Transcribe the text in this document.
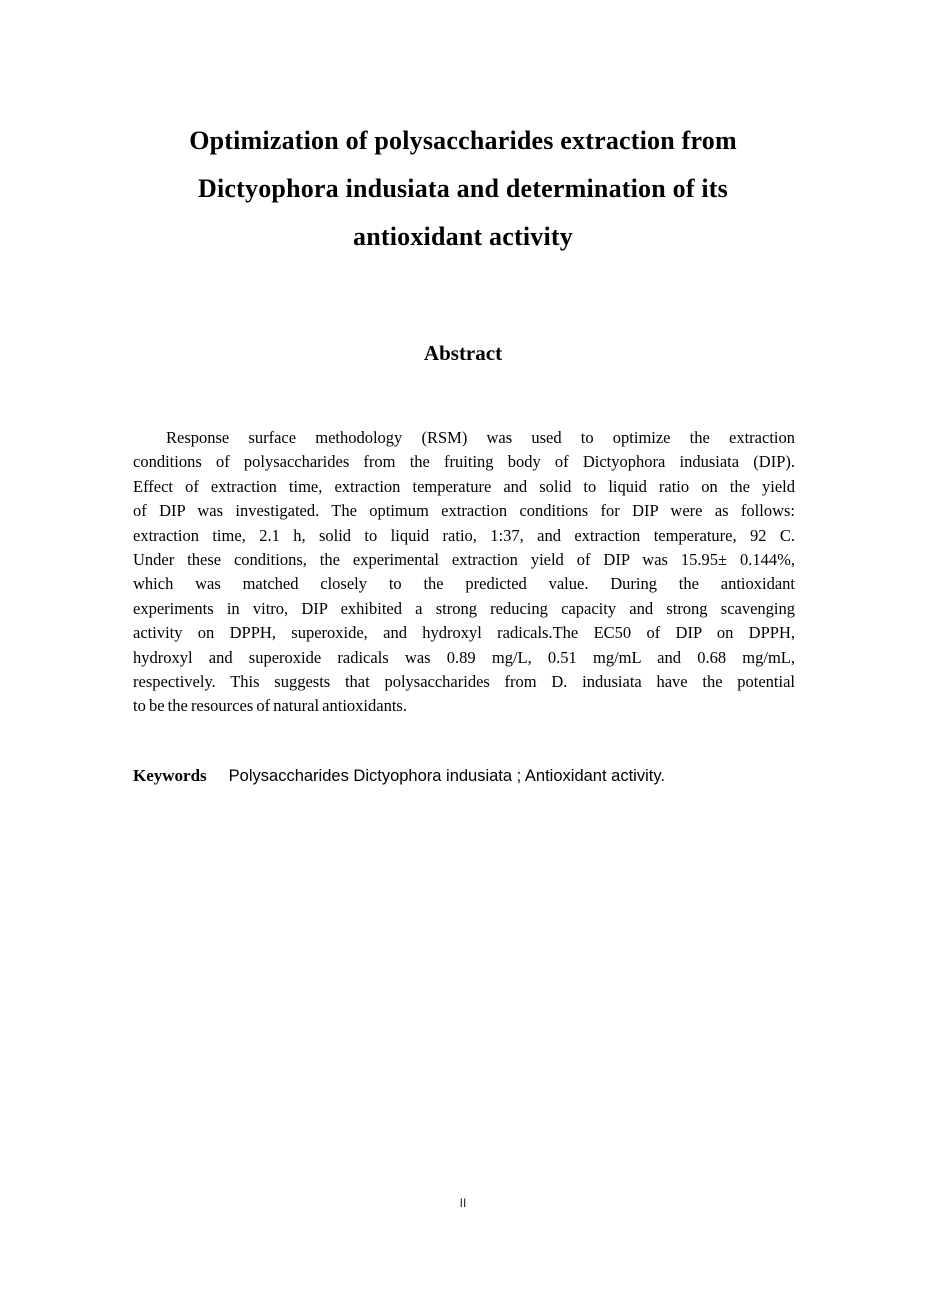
Optimization of polysaccharides extraction from
Dictyophora indusiata and determination of its
antioxidant activity
Abstract
Response surface methodology (RSM) was used to optimize the extraction
conditions of polysaccharides from the fruiting body of Dictyophora indusiata (DIP).
Effect of extraction time, extraction temperature and solid to liquid ratio on the yield
of DIP was investigated. The optimum extraction conditions for DIP were as follows:
extraction time, 2.1 h, solid to liquid ratio, 1:37, and extraction temperature, 92 C.
Under these conditions, the experimental extraction yield of DIP was 15.95± 0.144%,
which was matched closely to the predicted value. During the antioxidant
experiments in vitro, DIP exhibited a strong reducing capacity and strong scavenging
activity on DPPH, superoxide, and hydroxyl radicals.The EC50 of DIP on DPPH,
hydroxyl and superoxide radicals was 0.89 mg/L, 0.51 mg/mL and 0.68 mg/mL,
respectively. This suggests that polysaccharides from D. indusiata have the potential
to be the resources of natural antioxidants.
Keywords Polysaccharides Dictyophora indusiata ; Antioxidant activity.
II
